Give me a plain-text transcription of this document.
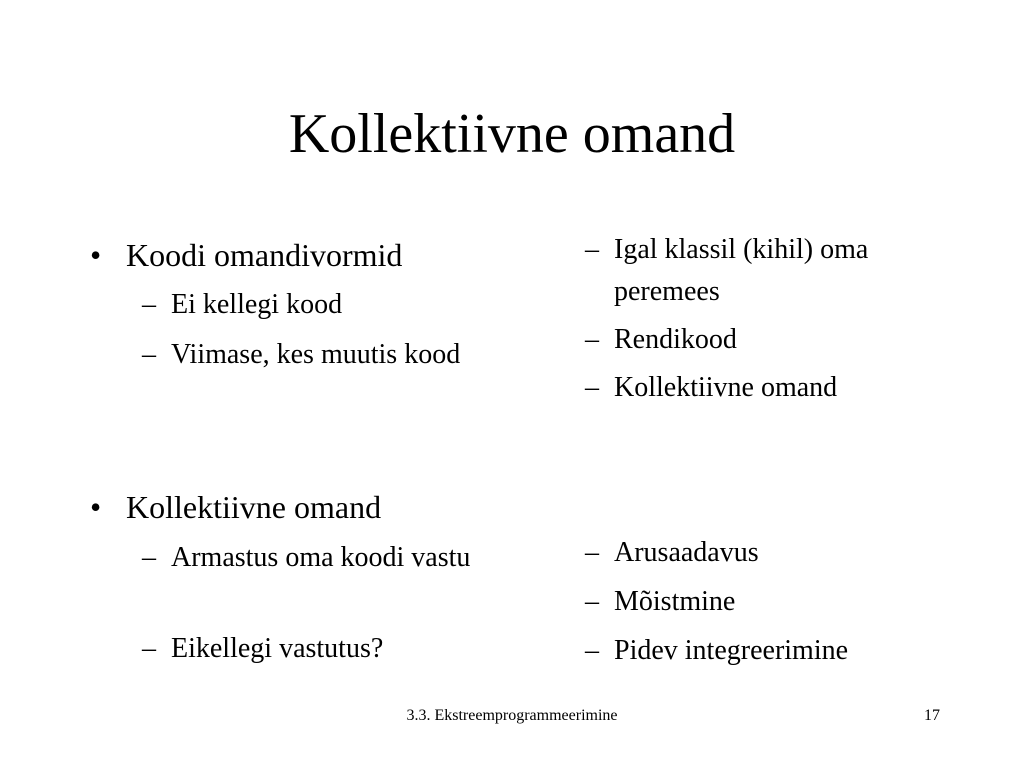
Kollektiivne omand
• Koodi omandivormid
– Ei kellegi kood
– Viimase, kes muutis kood
• Kollektiivne omand
– Armastus oma koodi vastu
– Eikellegi vastutus?
– Igal klassil (kihil) oma peremees
– Rendikood
– Kollektiivne omand
– Arusaadavus
– Mõistmine
– Pidev integreerimine
3.3. Ekstreemprogrammeerimine	17
